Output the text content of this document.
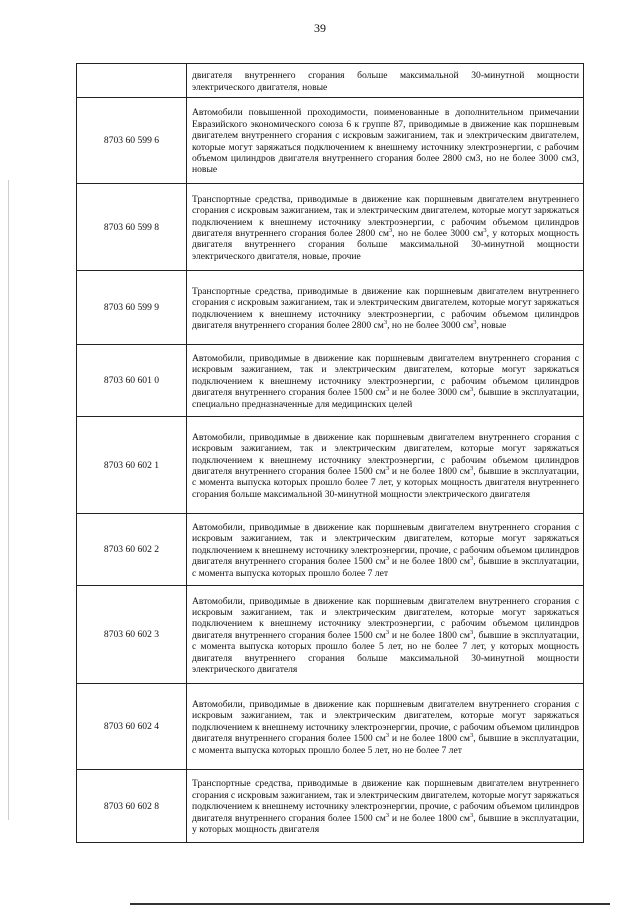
39
	двигателя внутреннего сгорания больше максимальной 30-минутной мощности электрического двигателя, новые
8703 60 599 6	Автомобили повышенной проходимости, поименованные в дополнительном примечании Евразийского экономического союза 6 к группе 87, приводимые в движение как поршневым двигателем внутреннего сгорания с искровым зажиганием, так и электрическим двигателем, которые могут заряжаться подключением к внешнему источнику электроэнергии, с рабочим объемом цилиндров двигателя внутреннего сгорания более 2800 см3, но не более 3000 см3, новые
8703 60 599 8	Транспортные средства, приводимые в движение как поршневым двигателем внутреннего сгорания с искровым зажиганием, так и электрическим двигателем, которые могут заряжаться подключением к внешнему источнику электроэнергии, с рабочим объемом цилиндров двигателя внутреннего сгорания более 2800 $см^3$, но не более 3000 $см^3$, у которых мощность двигателя внутреннего сгорания больше максимальной 30-минутной мощности электрического двигателя, новые, прочие
8703 60 599 9	Транспортные средства, приводимые в движение как поршневым двигателем внутреннего сгорания с искровым зажиганием, так и электрическим двигателем, которые могут заряжаться подключением к внешнему источнику электроэнергии, с рабочим объемом цилиндров двигателя внутреннего сгорания более 2800 $см^3$, но не более 3000 $см^3$, новые
8703 60 601 0	Автомобили, приводимые в движение как поршневым двигателем внутреннего сгорания с искровым зажиганием, так и электрическим двигателем, которые могут заряжаться подключением к внешнему источнику электроэнергии, с рабочим объемом цилиндров двигателя внутреннего сгорания более 1500 $см^3$ и не более 3000 $см^3$, бывшие в эксплуатации, специально предназначенные для медицинских целей
8703 60 602 1	Автомобили, приводимые в движение как поршневым двигателем внутреннего сгорания с искровым зажиганием, так и электрическим двигателем, которые могут заряжаться подключением к внешнему источнику электроэнергии, с рабочим объемом цилиндров двигателя внутреннего сгорания более 1500 $см^3$ и не более 1800 $см^3$, бывшие в эксплуатации, с момента выпуска которых прошло более 7 лет, у которых мощность двигателя внутреннего сгорания больше максимальной 30-минутной мощности электрического двигателя
8703 60 602 2	Автомобили, приводимые в движение как поршневым двигателем внутреннего сгорания с искровым зажиганием, так и электрическим двигателем, которые могут заряжаться подключением к внешнему источнику электроэнергии, прочие, с рабочим объемом цилиндров двигателя внутреннего сгорания более 1500 $см^3$ и не более 1800 $см^3$, бывшие в эксплуатации, с момента выпуска которых прошло более 7 лет
8703 60 602 3	Автомобили, приводимые в движение как поршневым двигателем внутреннего сгорания с искровым зажиганием, так и электрическим двигателем, которые могут заряжаться подключением к внешнему источнику электроэнергии, с рабочим объемом цилиндров двигателя внутреннего сгорания более 1500 $см^3$ и не более 1800 $см^3$, бывшие в эксплуатации, с момента выпуска которых прошло более 5 лет, но не более 7 лет, у которых мощность двигателя внутреннего сгорания больше максимальной 30-минутной мощности электрического двигателя
8703 60 602 4	Автомобили, приводимые в движение как поршневым двигателем внутреннего сгорания с искровым зажиганием, так и электрическим двигателем, которые могут заряжаться подключением к внешнему источнику электроэнергии, прочие, с рабочим объемом цилиндров двигателя внутреннего сгорания более 1500 $см^3$ и не более 1800 $см^3$, бывшие в эксплуатации, с момента выпуска которых прошло более 5 лет, но не более 7 лет
8703 60 602 8	Транспортные средства, приводимые в движение как поршневым двигателем внутреннего сгорания с искровым зажиганием, так и электрическим двигателем, которые могут заряжаться подключением к внешнему источнику электроэнергии, прочие, с рабочим объемом цилиндров двигателя внутреннего сгорания более 1500 $см^3$ и не более 1800 $см^3$, бывшие в эксплуатации, у которых мощность двигателя
